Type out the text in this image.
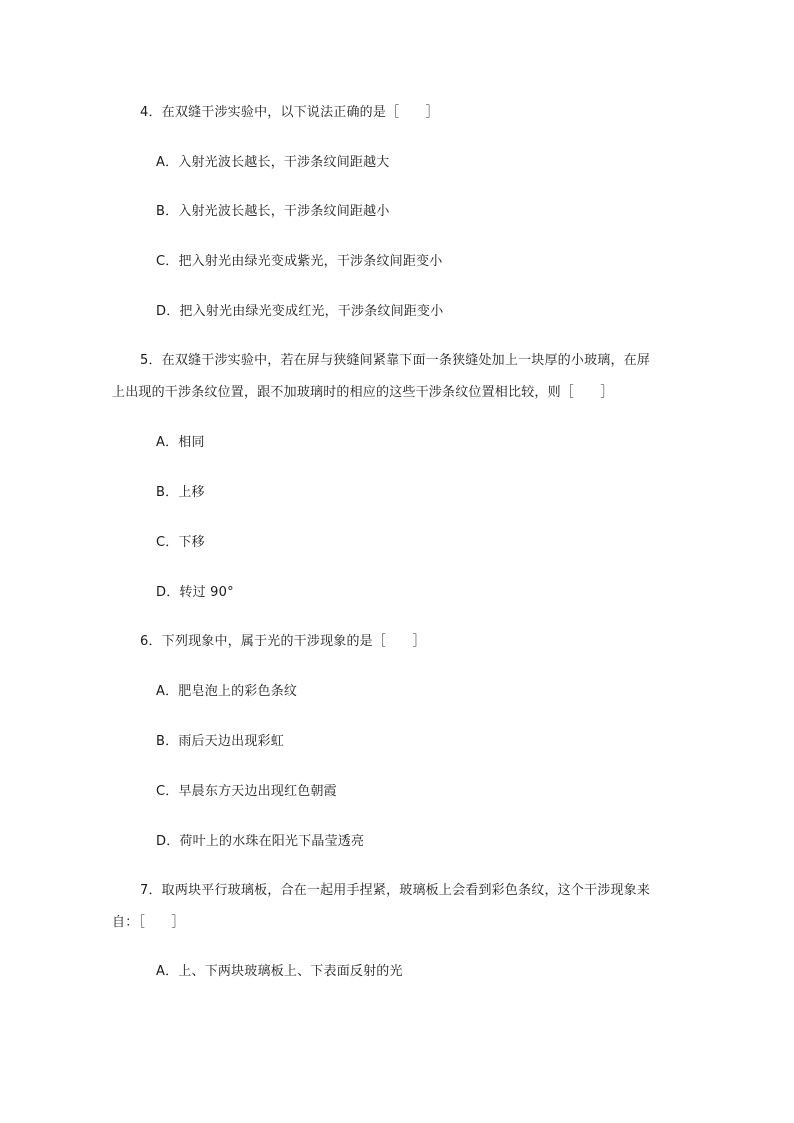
4．在双缝干涉实验中，以下说法正确的是［　　］
A．入射光波长越长，干涉条纹间距越大
B．入射光波长越长，干涉条纹间距越小
C．把入射光由绿光变成紫光，干涉条纹间距变小
D．把入射光由绿光变成红光，干涉条纹间距变小
5．在双缝干涉实验中，若在屏与狭缝间紧靠下面一条狭缝处加上一块厚的小玻璃，在屏
上出现的干涉条纹位置，跟不加玻璃时的相应的这些干涉条纹位置相比较，则［　　］
A．相同
B．上移
C．下移
D．转过 90°
6．下列现象中，属于光的干涉现象的是［　　］
A．肥皂泡上的彩色条纹
B．雨后天边出现彩虹
C．早晨东方天边出现红色朝霞
D．荷叶上的水珠在阳光下晶莹透亮
7．取两块平行玻璃板，合在一起用手捏紧，玻璃板上会看到彩色条纹，这个干涉现象来
自：［　　］
A．上、下两块玻璃板上、下表面反射的光
